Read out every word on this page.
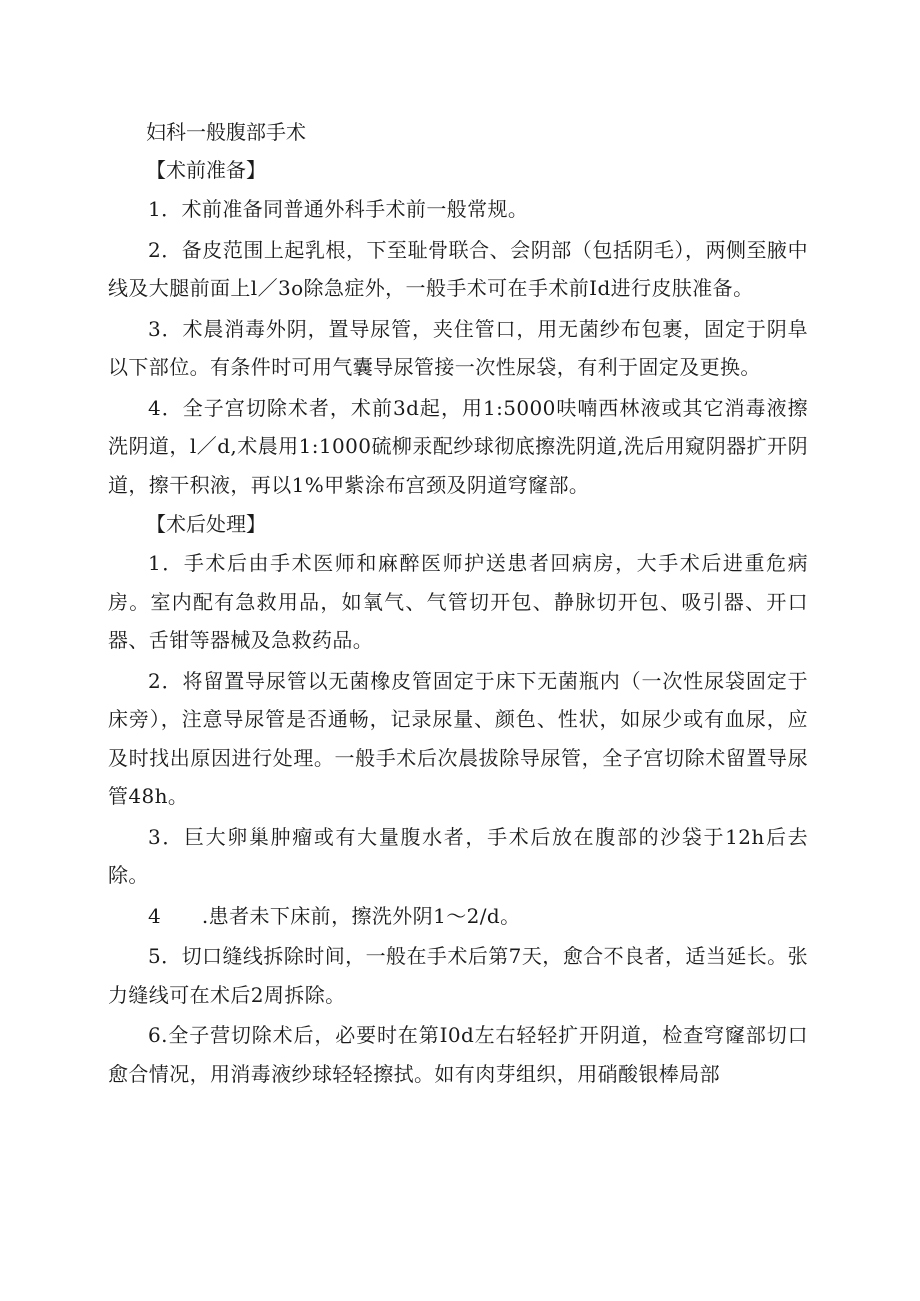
妇科一般腹部手术
【术前准备】

1．术前准备同普通外科手术前一般常规。

2．备皮范围上起乳根，下至耻骨联合、会阴部（包括阴毛），两侧至腋中线及大腿前面上l／3o除急症外，一般手术可在手术前Id进行皮肤准备。

3．术晨消毒外阴，置导尿管，夹住管口，用无菌纱布包裹，固定于阴阜以下部位。有条件时可用气囊导尿管接一次性尿袋，有利于固定及更换。

4．全子宫切除术者，术前3d起，用1:5000呋喃西林液或其它消毒液擦洗阴道，l／d,术晨用1:1000硫柳汞配纱球彻底擦洗阴道,洗后用窥阴器扩开阴道，擦干积液，再以1%甲紫涂布宫颈及阴道穹窿部。

【术后处理】

1．手术后由手术医师和麻醉医师护送患者回病房，大手术后进重危病房。室内配有急救用品，如氧气、气管切开包、静脉切开包、吸引器、开口器、舌钳等器械及急救药品。

2．将留置导尿管以无菌橡皮管固定于床下无菌瓶内（一次性尿袋固定于床旁），注意导尿管是否通畅，记录尿量、颜色、性状，如尿少或有血尿，应及时找出原因进行处理。一般手术后次晨拔除导尿管，全子宫切除术留置导尿管48h。

3．巨大卵巢肿瘤或有大量腹水者，手术后放在腹部的沙袋于12h后去除。

4　　.患者未下床前，擦洗外阴1～2/d。

5．切口缝线拆除时间，一般在手术后第7天，愈合不良者，适当延长。张力缝线可在术后2周拆除。

6.全子营切除术后，必要时在第I0d左右轻轻扩开阴道，检查穹窿部切口愈合情况，用消毒液纱球轻轻擦拭。如有肉芽组织，用硝酸银棒局部
